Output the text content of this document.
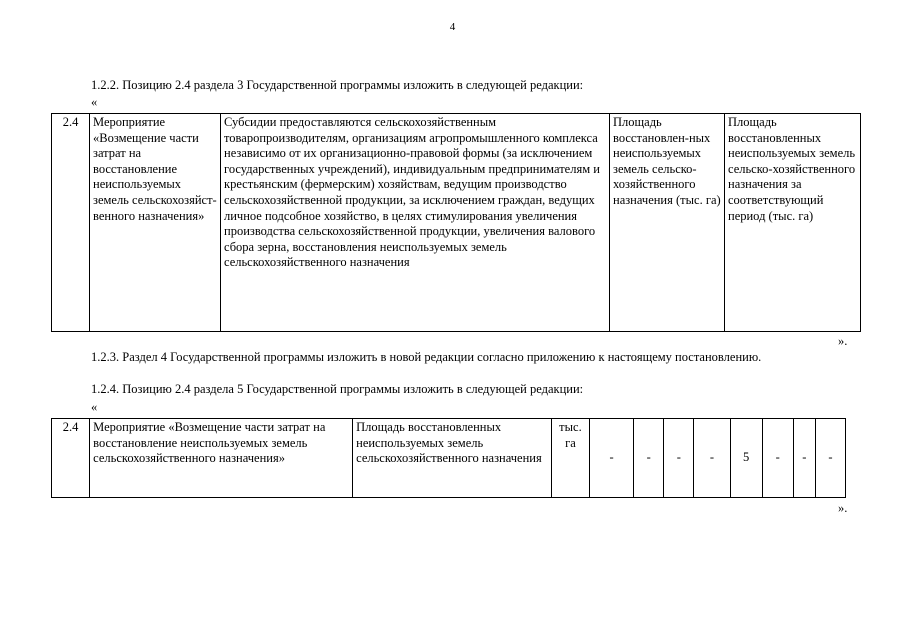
4
1.2.2. Позицию 2.4 раздела 3 Государственной программы изложить в следующей редакции:
«
2.4	Мероприятие «Возмещение части затрат на восстановление неиспользуемых земель сельскохозяйст-венного назначения»	Субсидии предоставляются сельскохозяйственным товаропроизводителям, организациям агропромышленного комплекса независимо от их организационно-правовой формы (за исключением государственных учреждений), индивидуальным предпринимателям и крестьянским (фермерским) хозяйствам, ведущим производство сельскохозяйственной продукции, за исключением граждан, ведущих личное подсобное хозяйство, в целях стимулирования увеличения производства сельскохозяйственной продукции, увеличения валового сбора зерна, восстановления неиспользуемых земель сельскохозяйственного назначения	Площадь восстановлен-ных неиспользуемых земель сельско-хозяйственного назначения (тыс. га)	Площадь восстановленных неиспользуемых земель сельско-хозяйственного назначения за соответствующий период (тыс. га)
».
1.2.3. Раздел 4 Государственной программы изложить в новой редакции согласно приложению к настоящему постановлению.
1.2.4. Позицию 2.4 раздела 5 Государственной программы изложить в следующей редакции:
«
2.4	Мероприятие «Возмещение части затрат на восстановление неиспользуемых земель сельскохозяйственного назначения»	Площадь восстановленных неиспользуемых земель сельскохозяйственного назначения	тыс. га	-	-	-	-	5	-	-	-
».
